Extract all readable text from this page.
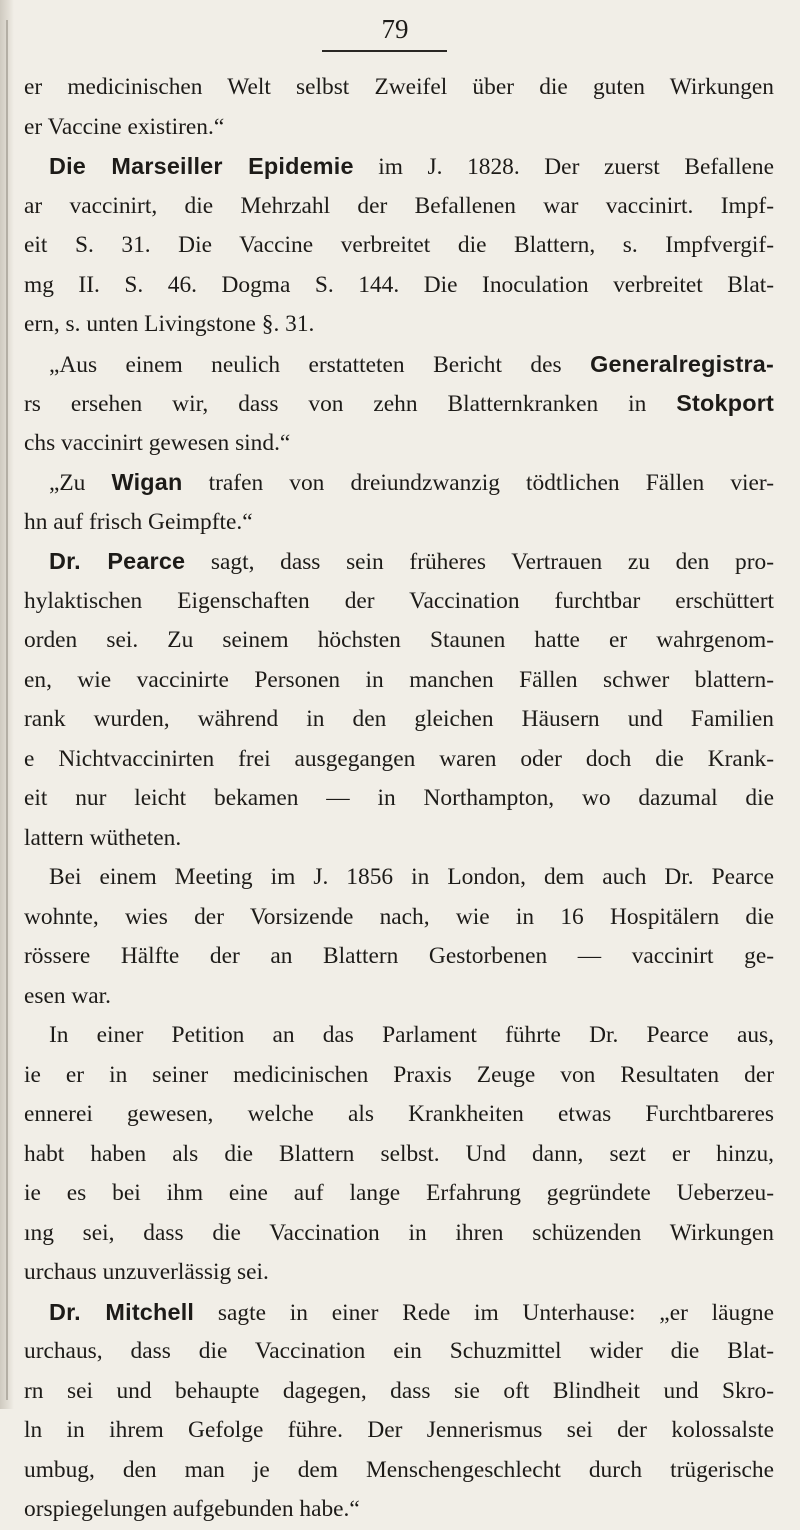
79
er medicinischen Welt selbst Zweifel über die guten Wirkungen
er Vaccine existiren.“
Die Marseiller Epidemie im J. 1828. Der zuerst Befallene
ar vaccinirt, die Mehrzahl der Befallenen war vaccinirt. Impf-
eit S. 31. Die Vaccine verbreitet die Blattern, s. Impfvergif-
mg II. S. 46. Dogma S. 144. Die Inoculation verbreitet Blat-
ern, s. unten Livingstone §. 31.
„Aus einem neulich erstatteten Bericht des Generalregistra-
rs ersehen wir, dass von zehn Blatternkranken in Stokport
chs vaccinirt gewesen sind.“
„Zu Wigan trafen von dreiundzwanzig tödtlichen Fällen vier-
hn auf frisch Geimpfte.“
Dr. Pearce sagt, dass sein früheres Vertrauen zu den pro-
hylaktischen Eigenschaften der Vaccination furchtbar erschüttert
orden sei. Zu seinem höchsten Staunen hatte er wahrgenom-
en, wie vaccinirte Personen in manchen Fällen schwer blattern-
rank wurden, während in den gleichen Häusern und Familien
e Nichtvaccinirten frei ausgegangen waren oder doch die Krank-
eit nur leicht bekamen — in Northampton, wo dazumal die
lattern wütheten.
Bei einem Meeting im J. 1856 in London, dem auch Dr. Pearce
wohnte, wies der Vorsizende nach, wie in 16 Hospitälern die
rössere Hälfte der an Blattern Gestorbenen — vaccinirt ge-
esen war.
In einer Petition an das Parlament führte Dr. Pearce aus,
ie er in seiner medicinischen Praxis Zeuge von Resultaten der
ennerei gewesen, welche als Krankheiten etwas Furchtbareres
habt haben als die Blattern selbst. Und dann, sezt er hinzu,
ie es bei ihm eine auf lange Erfahrung gegründete Ueberzeu-
ıng sei, dass die Vaccination in ihren schüzenden Wirkungen
urchaus unzuverlässig sei.
Dr. Mitchell sagte in einer Rede im Unterhause: „er läugne
urchaus, dass die Vaccination ein Schuzmittel wider die Blat-
rn sei und behaupte dagegen, dass sie oft Blindheit und Skro-
ln in ihrem Gefolge führe. Der Jennerismus sei der kolossalste
umbug, den man je dem Menschengeschlecht durch trügerische
orspiegelungen aufgebunden habe.“
